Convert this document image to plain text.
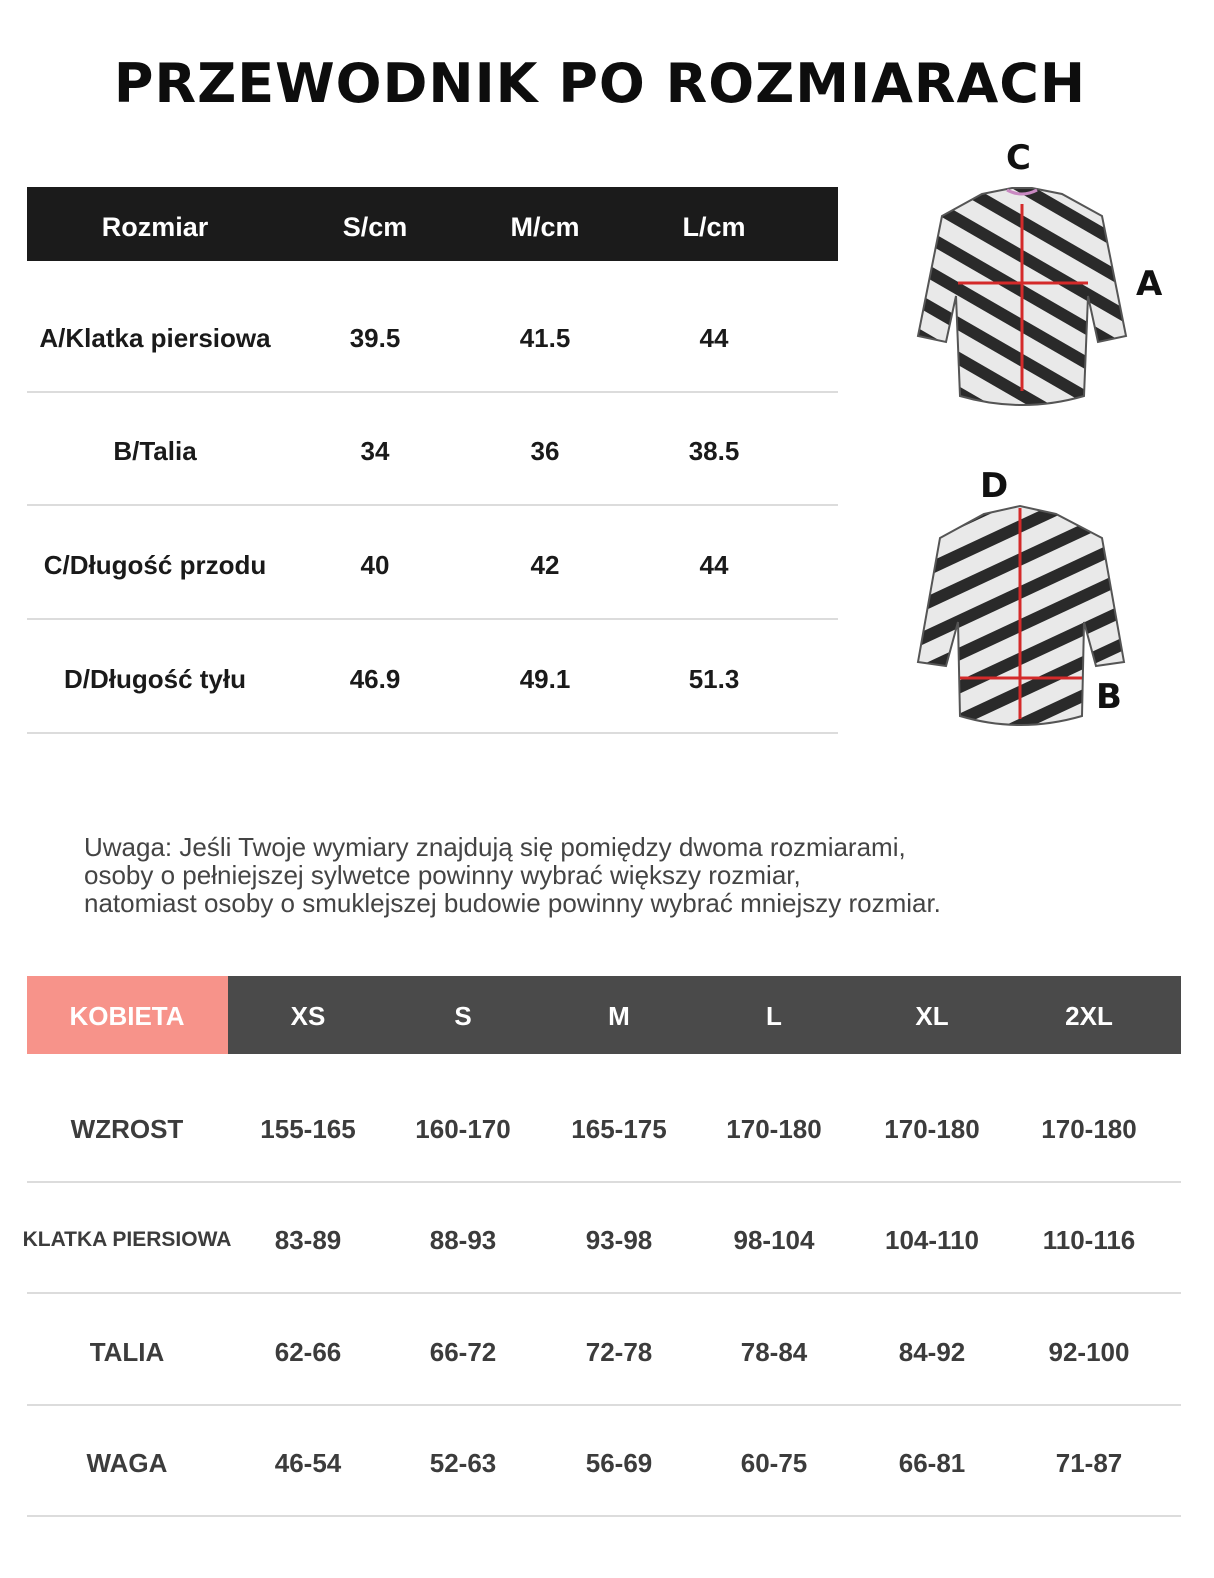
PRZEWODNIK PO ROZMIARACH
Rozmiar	S/cm	M/cm	L/cm
A/Klatka piersiowa	39.5	41.5	44
B/Talia	34	36	38.5
C/Długość przodu	40	42	44
D/Długość tyłu	46.9	49.1	51.3
C
A
D
B
Uwaga: Jeśli Twoje wymiary znajdują się pomiędzy dwoma rozmiarami,
osoby o pełniejszej sylwetce powinny wybrać większy rozmiar,
natomiast osoby o smuklejszej budowie powinny wybrać mniejszy rozmiar.
KOBIETA	XS	S	M	L	XL	2XL
WZROST	155-165	160-170	165-175	170-180	170-180	170-180
KLATKA PIERSIOWA	83-89	88-93	93-98	98-104	104-110	110-116
TALIA	62-66	66-72	72-78	78-84	84-92	92-100
WAGA	46-54	52-63	56-69	60-75	66-81	71-87
